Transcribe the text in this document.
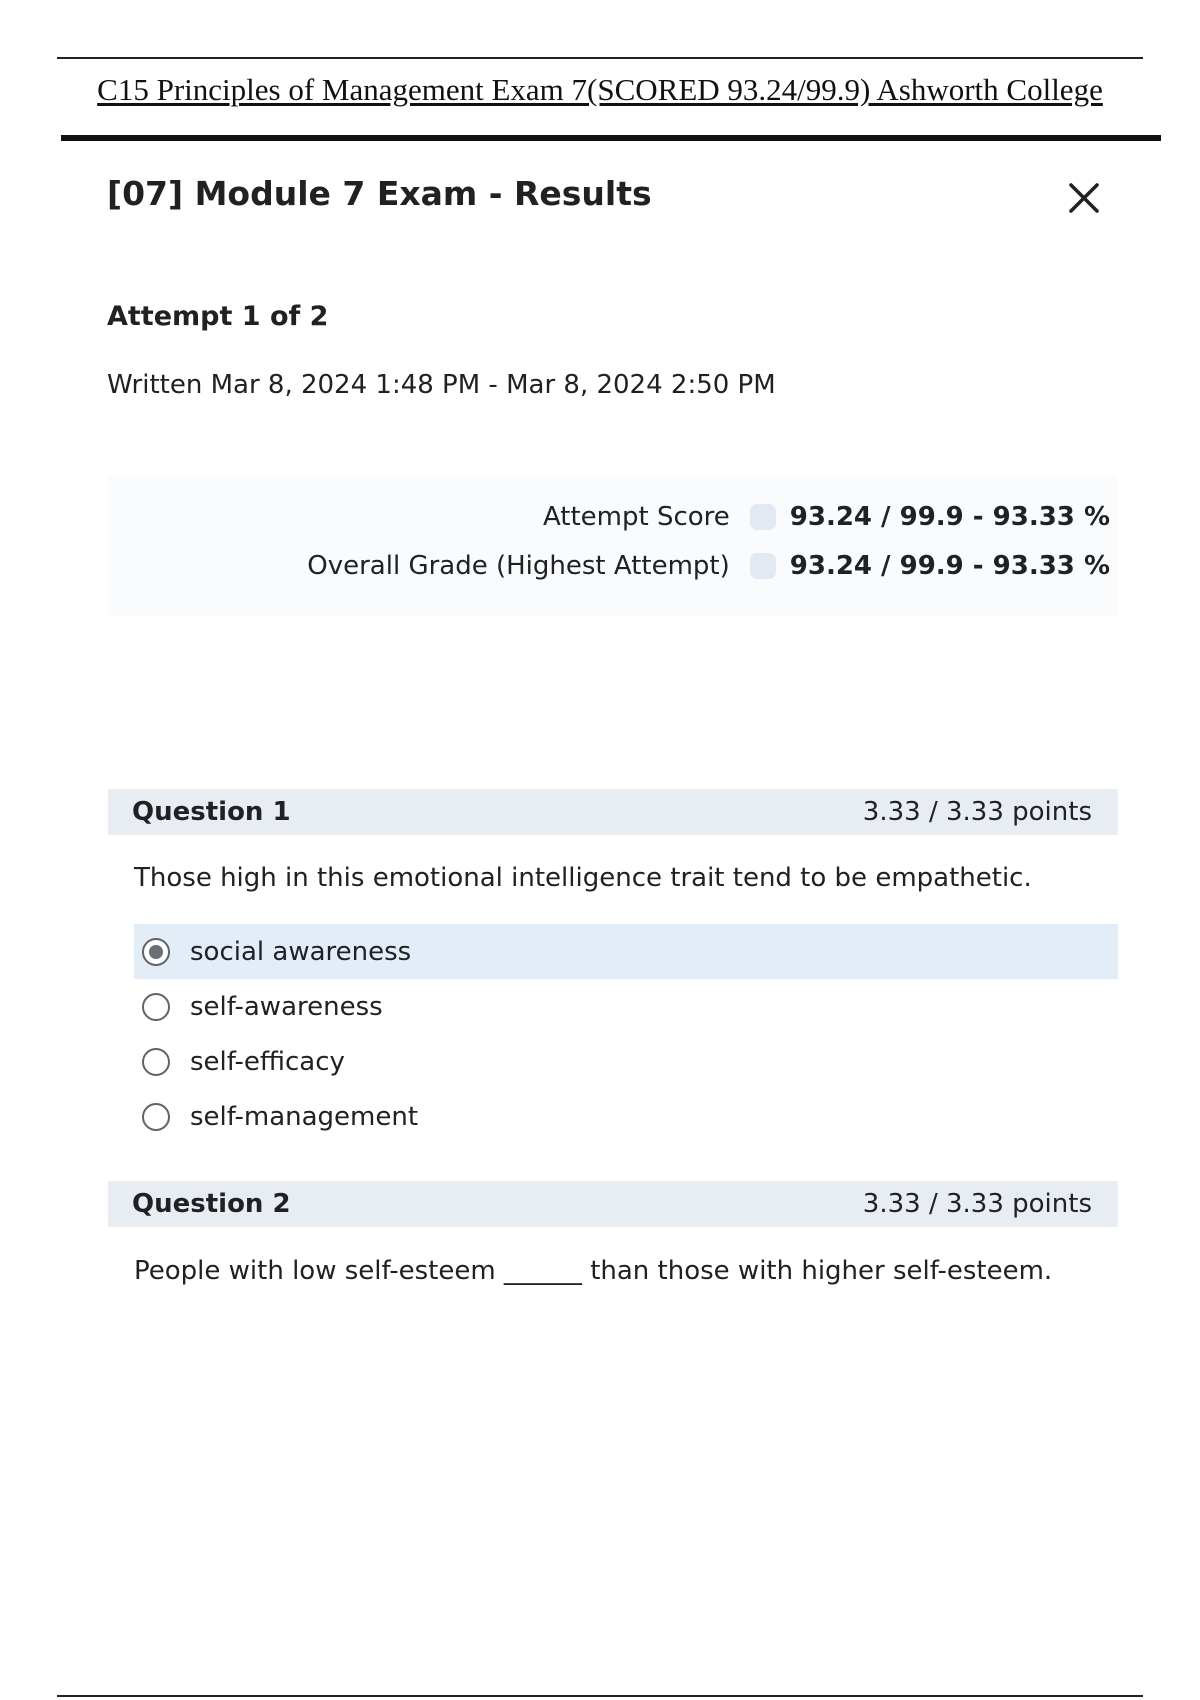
C15 Principles of Management Exam 7(SCORED 93.24/99.9) Ashworth College
[07] Module 7 Exam - Results
Attempt 1 of 2
Written Mar 8, 2024 1:48 PM - Mar 8, 2024 2:50 PM
Attempt Score 93.24 / 99.9 - 93.33 %
Overall Grade (Highest Attempt) 93.24 / 99.9 - 93.33 %
Question 1	3.33 / 3.33 points
Those high in this emotional intelligence trait tend to be empathetic.
social awareness
self-awareness
self-efficacy
self-management
Question 2	3.33 / 3.33 points
People with low self-esteem ______ than those with higher self-esteem.
